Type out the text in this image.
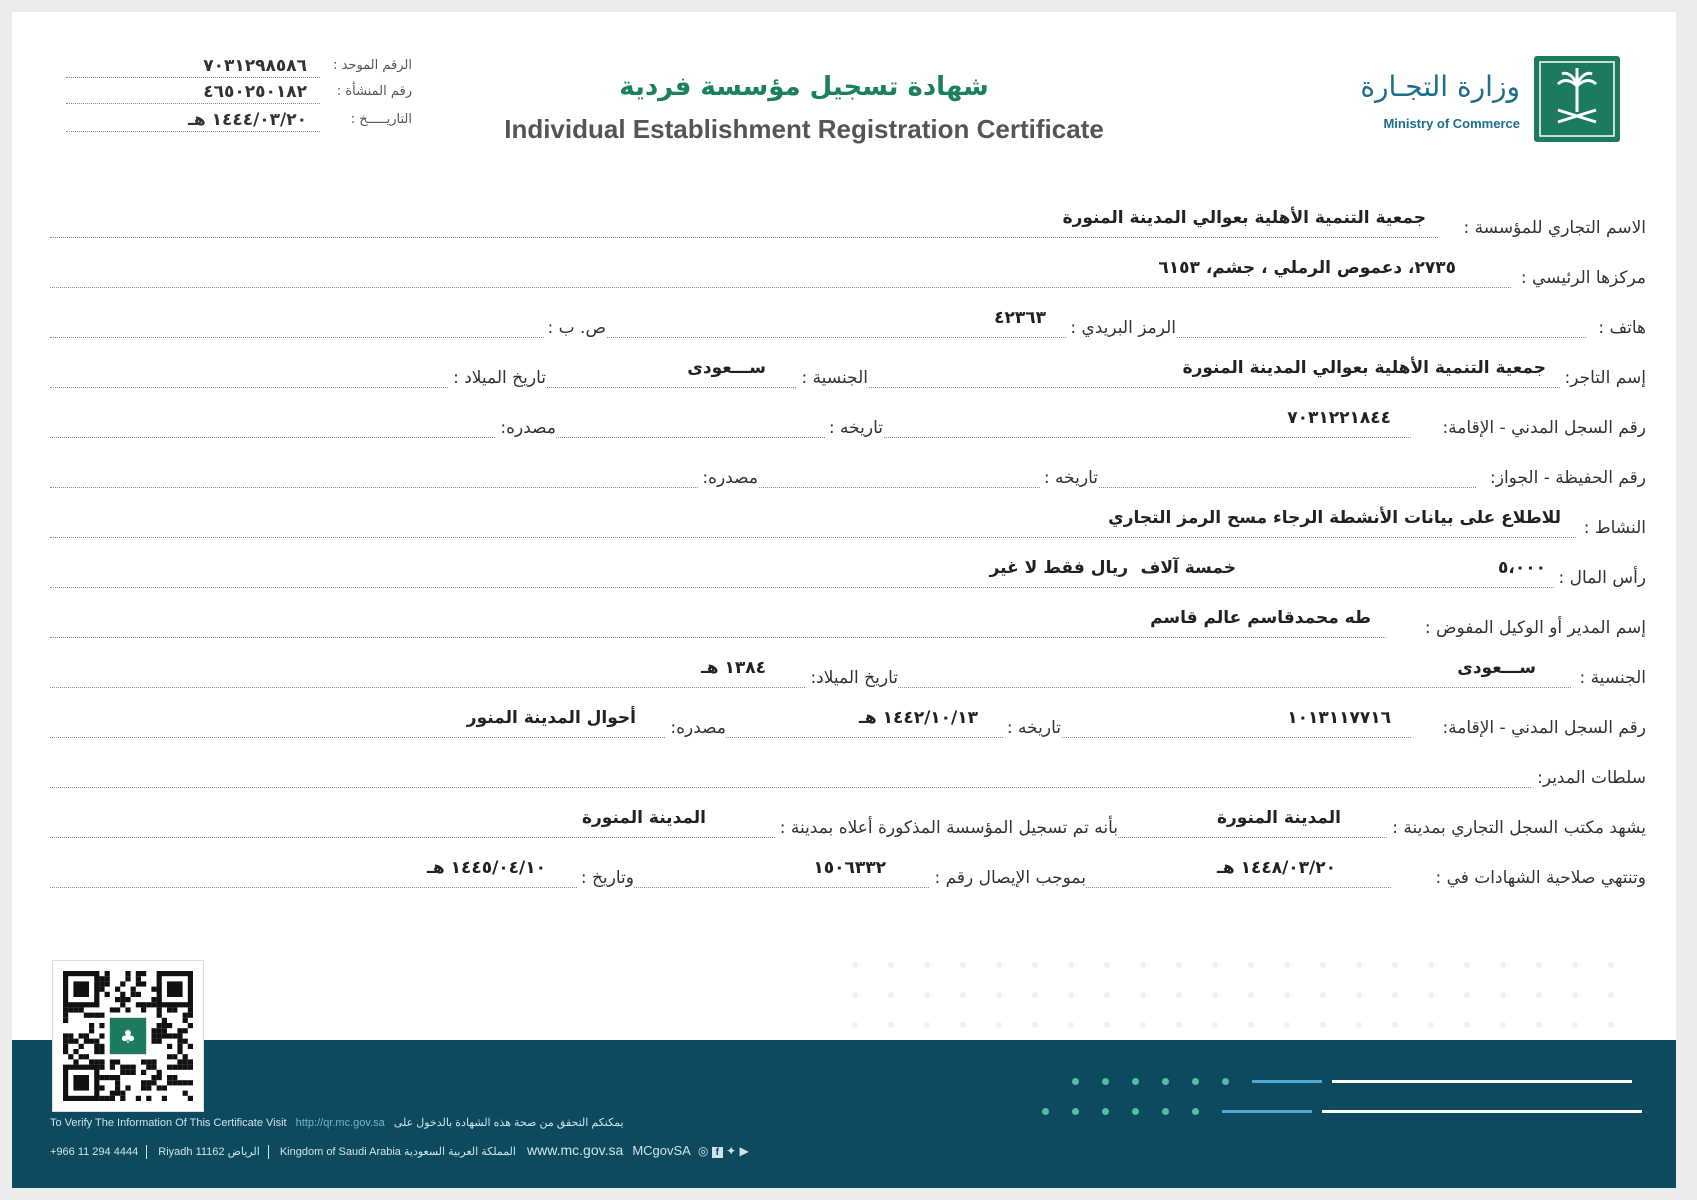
وزارة التجـارة
Ministry of Commerce
شهادة تسجيل مؤسسة فردية
Individual Establishment Registration Certificate
الرقم الموحد :
٧٠٣١٢٩٨٥٨٦
رقم المنشأة :
٤٦٥٠٢٥٠١٨٢
التاريـــــخ :
١٤٤٤/٠٣/٢٠ هـ
الاسم التجاري للمؤسسة :
جمعية التنمية الأهلية بعوالي المدينة المنورة
مركزها الرئيسي :
٢٧٣٥، دعموص الرملي ، جشم، ٦١٥٣
هاتف :
الرمز البريدي :
٤٢٣٦٣
ص. ب :
إسم التاجر:
جمعية التنمية الأهلية بعوالي المدينة المنورة
الجنسية :
ســـعودى
تاريخ الميلاد :
رقم السجل المدني - الإقامة:
٧٠٣١٢٢١٨٤٤
تاريخه :
مصدره:
رقم الحفيظة - الجواز:
تاريخه :
مصدره:
النشاط :
للاطلاع على بيانات الأنشطة الرجاء مسح الرمز التجاري
رأس المال :
٥،٠٠٠
خمسة آلاف
ريال فقط لا غير
إسم المدير أو الوكيل المفوض :
طه محمدقاسم عالم قاسم
الجنسية :
ســـعودى
تاريخ الميلاد:
١٣٨٤ هـ
رقم السجل المدني - الإقامة:
١٠١٣١١٧٧١٦
تاريخه :
١٤٤٢/١٠/١٣ هـ
مصدره:
أحوال المدينة المنور
سلطات المدير:
يشهد مكتب السجل التجاري بمدينة :
المدينة المنورة
بأنه تم تسجيل المؤسسة المذكورة أعلاه بمدينة :
المدينة المنورة
وتنتهي صلاحية الشهادات في :
١٤٤٨/٠٣/٢٠ هـ
بموجب الإيصال رقم :
١٥٠٦٣٣٢
وتاريخ :
١٤٤٥/٠٤/١٠ هـ
♣
To Verify The Information Of This Certificate Visit http://qr.mc.gov.sa يمكنكم التحقق من صحة هذه الشهادة بالدخول على
+966 11 294 4444 Riyadh 11162 الرياض Kingdom of Saudi Arabia المملكة العربية السعودية www.mc.gov.sa MCgovSA ◎ f ✦ ▶
